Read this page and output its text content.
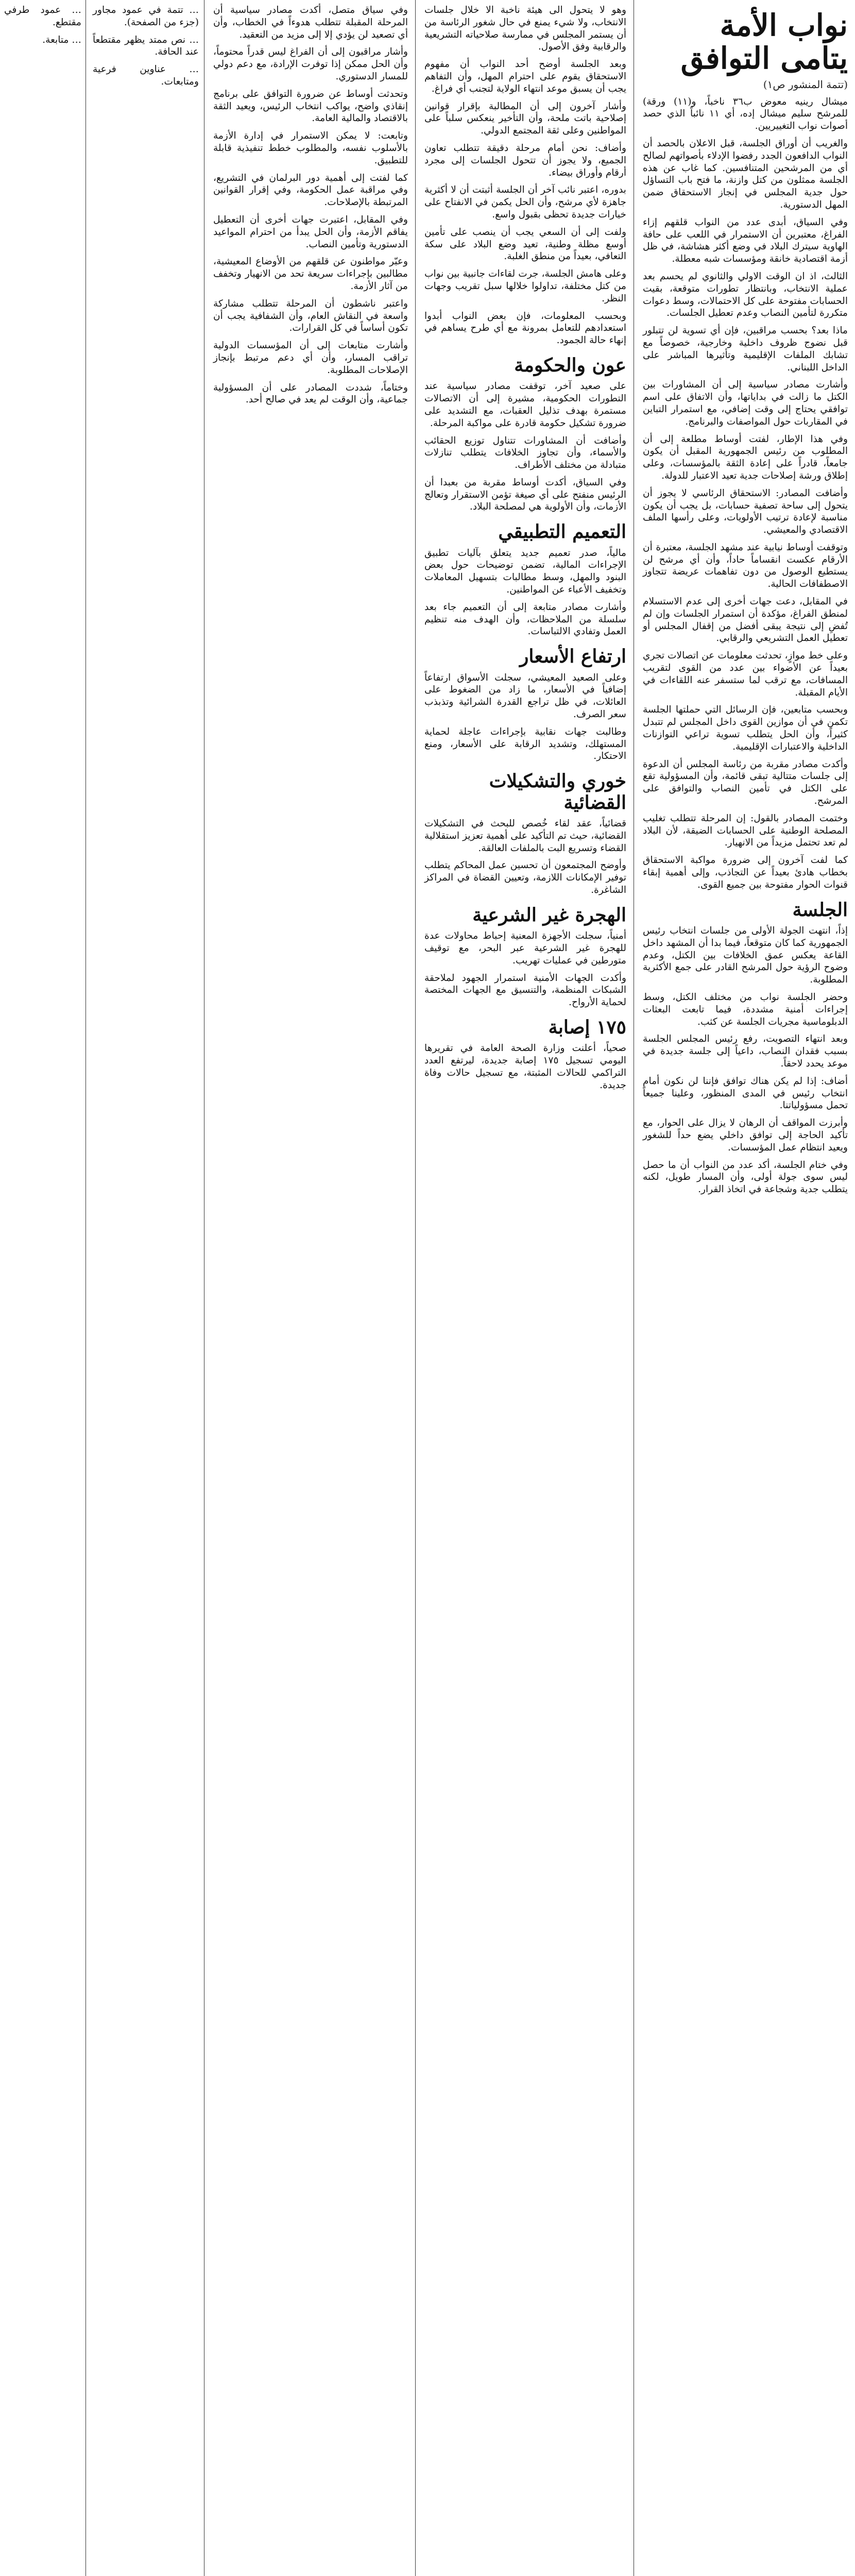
نواب الأمة يتامى التوافق
(تتمة المنشور ص١)

ميشال رينيه معوض ب٣٦ ناخباً، و(١١) ورقة) للمرشح سليم ميشال إده، أي ١١ نائباً الذي حصد أصوات نواب التغييريين.

والغريب أن أوراق الجلسة، قبل الاعلان بالحصد أن النواب الدافعون الجدد رفضوا الإدلاء بأصواتهم لصالح أي من المرشحين المتنافسين. كما غاب عن هذه الجلسة ممثلون من كتل وازنة، ما فتح باب التساؤل حول جدية المجلس في إنجاز الاستحقاق ضمن المهل الدستورية.

وفي السياق، أبدى عدد من النواب قلقهم إزاء الفراغ، معتبرين أن الاستمرار في اللعب على حافة الهاوية سيترك البلاد في وضع أكثر هشاشة، في ظل أزمة اقتصادية خانقة ومؤسسات شبه معطلة.

الثالث، اذ ان الوقت الاولي والثانوي لم يحسم بعد عملية الانتخاب، وبانتظار تطورات متوقعة، بقيت الحسابات مفتوحة على كل الاحتمالات، وسط دعوات متكررة لتأمين النصاب وعدم تعطيل الجلسات.

ماذا بعد؟ بحسب مراقبين، فإن أي تسوية لن تتبلور قبل نضوج ظروف داخلية وخارجية، خصوصاً مع تشابك الملفات الإقليمية وتأثيرها المباشر على الداخل اللبناني.

وأشارت مصادر سياسية إلى أن المشاورات بين الكتل ما زالت في بداياتها، وأن الاتفاق على اسم توافقي يحتاج إلى وقت إضافي، مع استمرار التباين في المقاربات حول المواصفات والبرنامج.

وفي هذا الإطار، لفتت أوساط مطلعة إلى أن المطلوب من رئيس الجمهورية المقبل أن يكون جامعاً، قادراً على إعادة الثقة بالمؤسسات، وعلى إطلاق ورشة إصلاحات جدية تعيد الاعتبار للدولة.

وأضافت المصادر: الاستحقاق الرئاسي لا يجوز أن يتحول إلى ساحة تصفية حسابات، بل يجب أن يكون مناسبة لإعادة ترتيب الأولويات، وعلى رأسها الملف الاقتصادي والمعيشي.

وتوقفت أوساط نيابية عند مشهد الجلسة، معتبرة أن الأرقام عكست انقساماً حاداً، وأن أي مرشح لن يستطيع الوصول من دون تفاهمات عريضة تتجاوز الاصطفافات الحالية.

في المقابل، دعت جهات أخرى إلى عدم الاستسلام لمنطق الفراغ، مؤكدة أن استمرار الجلسات وإن لم تُفضِ إلى نتيجة يبقى أفضل من إقفال المجلس أو تعطيل العمل التشريعي والرقابي.

وعلى خط موازٍ، تحدثت معلومات عن اتصالات تجري بعيداً عن الأضواء بين عدد من القوى لتقريب المسافات، مع ترقب لما ستسفر عنه اللقاءات في الأيام المقبلة.

وبحسب متابعين، فإن الرسائل التي حملتها الجلسة تكمن في أن موازين القوى داخل المجلس لم تتبدل كثيراً، وأن الحل يتطلب تسوية تراعي التوازنات الداخلية والاعتبارات الإقليمية.

وأكدت مصادر مقربة من رئاسة المجلس أن الدعوة إلى جلسات متتالية تبقى قائمة، وأن المسؤولية تقع على الكتل في تأمين النصاب والتوافق على المرشح.

وختمت المصادر بالقول: إن المرحلة تتطلب تغليب المصلحة الوطنية على الحسابات الضيقة، لأن البلاد لم تعد تحتمل مزيداً من الانهيار.

كما لفت آخرون إلى ضرورة مواكبة الاستحقاق بخطاب هادئ بعيداً عن التجاذب، وإلى أهمية إبقاء قنوات الحوار مفتوحة بين جميع القوى.

الجلسة

إذاً، انتهت الجولة الأولى من جلسات انتخاب رئيس الجمهورية كما كان متوقعاً، فيما بدا أن المشهد داخل القاعة يعكس عمق الخلافات بين الكتل، وعدم وضوح الرؤية حول المرشح القادر على جمع الأكثرية المطلوبة.

وحضر الجلسة نواب من مختلف الكتل، وسط إجراءات أمنية مشددة، فيما تابعت البعثات الدبلوماسية مجريات الجلسة عن كثب.

وبعد انتهاء التصويت، رفع رئيس المجلس الجلسة بسبب فقدان النصاب، داعياً إلى جلسة جديدة في موعد يحدد لاحقاً.

أضاف: إذا لم يكن هناك توافق فإننا لن نكون أمام انتخاب رئيس في المدى المنظور، وعلينا جميعاً تحمل مسؤولياتنا.

وأبرزت المواقف أن الرهان لا يزال على الحوار، مع تأكيد الحاجة إلى توافق داخلي يضع حداً للشغور ويعيد انتظام عمل المؤسسات.

وفي ختام الجلسة، أكد عدد من النواب أن ما حصل ليس سوى جولة أولى، وأن المسار طويل، لكنه يتطلب جدية وشجاعة في اتخاذ القرار.

وهو لا يتحول الى هيئة ناخبة الا خلال جلسات الانتخاب، ولا شيء يمنع في حال شغور الرئاسة من أن يستمر المجلس في ممارسة صلاحياته التشريعية والرقابية وفق الأصول.

وبعد الجلسة أوضح أحد النواب أن مفهوم الاستحقاق يقوم على احترام المهل، وأن التفاهم يجب أن يسبق موعد انتهاء الولاية لتجنب أي فراغ.

وأشار آخرون إلى أن المطالبة بإقرار قوانين إصلاحية باتت ملحة، وأن التأخير ينعكس سلباً على المواطنين وعلى ثقة المجتمع الدولي.

وأضاف: نحن أمام مرحلة دقيقة تتطلب تعاون الجميع، ولا يجوز أن تتحول الجلسات إلى مجرد أرقام وأوراق بيضاء.

بدوره، اعتبر نائب آخر أن الجلسة أثبتت أن لا أكثرية جاهزة لأي مرشح، وأن الحل يكمن في الانفتاح على خيارات جديدة تحظى بقبول واسع.

ولفت إلى أن السعي يجب أن ينصب على تأمين أوسع مظلة وطنية، تعيد وضع البلاد على سكة التعافي، بعيداً من منطق الغلبة.

وعلى هامش الجلسة، جرت لقاءات جانبية بين نواب من كتل مختلفة، تداولوا خلالها سبل تقريب وجهات النظر.

وبحسب المعلومات، فإن بعض النواب أبدوا استعدادهم للتعامل بمرونة مع أي طرح يساهم في إنهاء حالة الجمود.

عون والحكومة

على صعيد آخر، توقفت مصادر سياسية عند التطورات الحكومية، مشيرة إلى أن الاتصالات مستمرة بهدف تذليل العقبات، مع التشديد على ضرورة تشكيل حكومة قادرة على مواكبة المرحلة.

وأضافت أن المشاورات تتناول توزيع الحقائب والأسماء، وأن تجاوز الخلافات يتطلب تنازلات متبادلة من مختلف الأطراف.

وفي السياق، أكدت أوساط مقربة من بعبدا أن الرئيس منفتح على أي صيغة تؤمن الاستقرار وتعالج الأزمات، وأن الأولوية هي لمصلحة البلاد.

التعميم التطبيقي

مالياً، صدر تعميم جديد يتعلق بآليات تطبيق الإجراءات المالية، تضمن توضيحات حول بعض البنود والمهل، وسط مطالبات بتسهيل المعاملات وتخفيف الأعباء عن المواطنين.

وأشارت مصادر متابعة إلى أن التعميم جاء بعد سلسلة من الملاحظات، وأن الهدف منه تنظيم العمل وتفادي الالتباسات.

ارتفاع الأسعار

وعلى الصعيد المعيشي، سجلت الأسواق ارتفاعاً إضافياً في الأسعار، ما زاد من الضغوط على العائلات، في ظل تراجع القدرة الشرائية وتذبذب سعر الصرف.

وطالبت جهات نقابية بإجراءات عاجلة لحماية المستهلك، وتشديد الرقابة على الأسعار، ومنع الاحتكار.

خوري والتشكيلات القضائية

قضائياً، عقد لقاء خُصص للبحث في التشكيلات القضائية، حيث تم التأكيد على أهمية تعزيز استقلالية القضاء وتسريع البت بالملفات العالقة.

وأوضح المجتمعون أن تحسين عمل المحاكم يتطلب توفير الإمكانات اللازمة، وتعيين القضاة في المراكز الشاغرة.

الهجرة غير الشرعية

أمنياً، سجلت الأجهزة المعنية إحباط محاولات عدة للهجرة غير الشرعية عبر البحر، مع توقيف متورطين في عمليات تهريب.

وأكدت الجهات الأمنية استمرار الجهود لملاحقة الشبكات المنظمة، والتنسيق مع الجهات المختصة لحماية الأرواح.

١٧٥ إصابة

صحياً، أعلنت وزارة الصحة العامة في تقريرها اليومي تسجيل ١٧٥ إصابة جديدة، ليرتفع العدد التراكمي للحالات المثبتة، مع تسجيل حالات وفاة جديدة.

وفي سياق متصل، أكدت مصادر سياسية أن المرحلة المقبلة تتطلب هدوءاً في الخطاب، وأن أي تصعيد لن يؤدي إلا إلى مزيد من التعقيد.

وأشار مراقبون إلى أن الفراغ ليس قدراً محتوماً، وأن الحل ممكن إذا توفرت الإرادة، مع دعم دولي للمسار الدستوري.

وتحدثت أوساط عن ضرورة التوافق على برنامج إنقاذي واضح، يواكب انتخاب الرئيس، ويعيد الثقة بالاقتصاد والمالية العامة.

وتابعت: لا يمكن الاستمرار في إدارة الأزمة بالأسلوب نفسه، والمطلوب خطط تنفيذية قابلة للتطبيق.

كما لفتت إلى أهمية دور البرلمان في التشريع، وفي مراقبة عمل الحكومة، وفي إقرار القوانين المرتبطة بالإصلاحات.

وفي المقابل، اعتبرت جهات أخرى أن التعطيل يفاقم الأزمة، وأن الحل يبدأ من احترام المواعيد الدستورية وتأمين النصاب.

وعبّر مواطنون عن قلقهم من الأوضاع المعيشية، مطالبين بإجراءات سريعة تحد من الانهيار وتخفف من آثار الأزمة.

واعتبر ناشطون أن المرحلة تتطلب مشاركة واسعة في النقاش العام، وأن الشفافية يجب أن تكون أساساً في كل القرارات.

وأشارت متابعات إلى أن المؤسسات الدولية تراقب المسار، وأن أي دعم مرتبط بإنجاز الإصلاحات المطلوبة.

وختاماً، شددت المصادر على أن المسؤولية جماعية، وأن الوقت لم يعد في صالح أحد.

… تتمة في عمود مجاور (جزء من الصفحة).

… نص ممتد يظهر مقتطعاً عند الحافة.

… عناوين فرعية ومتابعات.

… عمود طرفي مقتطع.

… متابعة.
